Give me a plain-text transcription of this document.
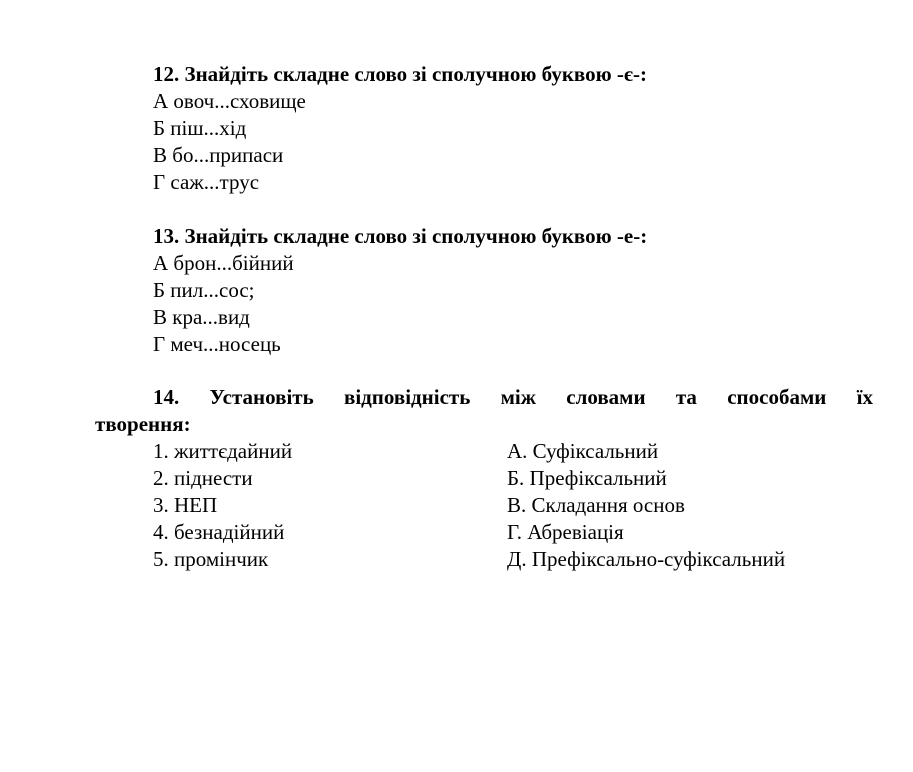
12. Знайдіть складне слово зі сполучною буквою -є-:
А овоч...сховище
Б піш...хід
В бо...припаси
Г саж...трус
13. Знайдіть складне слово зі сполучною буквою -е-:
А брон...бійний
Б пил...сос;
В кра...вид
Г меч...носець
14. Установіть відповідність між словами та способами їх
творення:
1. життєдайний
2. піднести
3. НЕП
4. безнадійний
5. промінчик
А. Суфіксальний
Б. Префіксальний
В. Складання основ
Г. Абревіація
Д. Префіксально-суфіксальний
